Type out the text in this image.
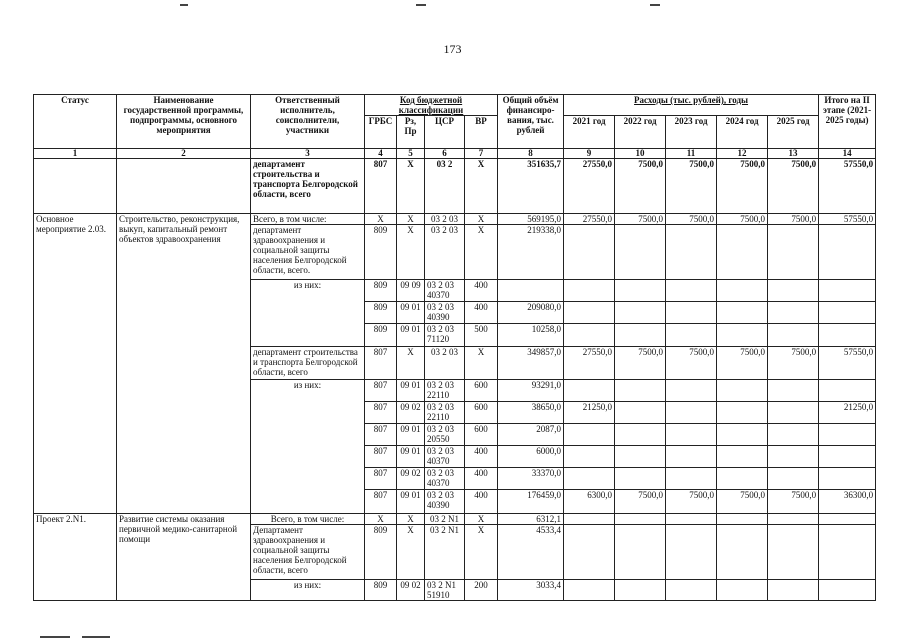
173
Статус	Наименование государственной программы, подпрограммы, основного мероприятия	Ответственный исполнитель, соисполнители, участники	Код бюджетной классификации				Общий объём финансиро-вания, тыс. рублей	Расходы (тыс. рублей), годы					Итого на II этапе (2021-2025 годы)
			ГРБС	Рз, Пр	ЦСР	ВР		2021 год	2022 год	2023 год	2024 год	2025 год	
1	2	3	4	5	6	7	8	9	10	11	12	13	14
		департамент строительства и транспорта Белгородской области, всего	807	X	03 2	X	351635,7	27550,0	7500,0	7500,0	7500,0	7500,0	57550,0
Основное мероприятие 2.03.	Строительство, реконструкция, выкуп, капитальный ремонт объектов здравоохранения	Всего, в том числе:	X	X	03 2 03	X	569195,0	27550,0	7500,0	7500,0	7500,0	7500,0	57550,0
		департамент здравоохранения и социальной защиты населения Белгородской области, всего.	809	X	03 2 03	X	219338,0						
		из них:	809	09 09	03 2 03 40370	400							
			809	09 01	03 2 03 40390	400	209080,0						
			809	09 01	03 2 03 71120	500	10258,0						
		департамент строительства и транспорта Белгородской области, всего	807	X	03 2 03	X	349857,0	27550,0	7500,0	7500,0	7500,0	7500,0	57550,0
		из них:	807	09 01	03 2 03 22110	600	93291,0						
			807	09 02	03 2 03 22110	600	38650,0	21250,0					21250,0
			807	09 01	03 2 03 20550	600	2087,0						
			807	09 01	03 2 03 40370	400	6000,0						
			807	09 02	03 2 03 40370	400	33370,0						
			807	09 01	03 2 03 40390	400	176459,0	6300,0	7500,0	7500,0	7500,0	7500,0	36300,0
Проект 2.N1.	Развитие системы оказания первичной медико-санитарной помощи	Всего, в том числе:	X	X	03 2 N1	X	6312,1						
		Департамент здравоохранения и социальной защиты населения Белгородской области, всего	809	X	03 2 N1	X	4533,4						
		из них:	809	09 02	03 2 N1 51910	200	3033,4						
